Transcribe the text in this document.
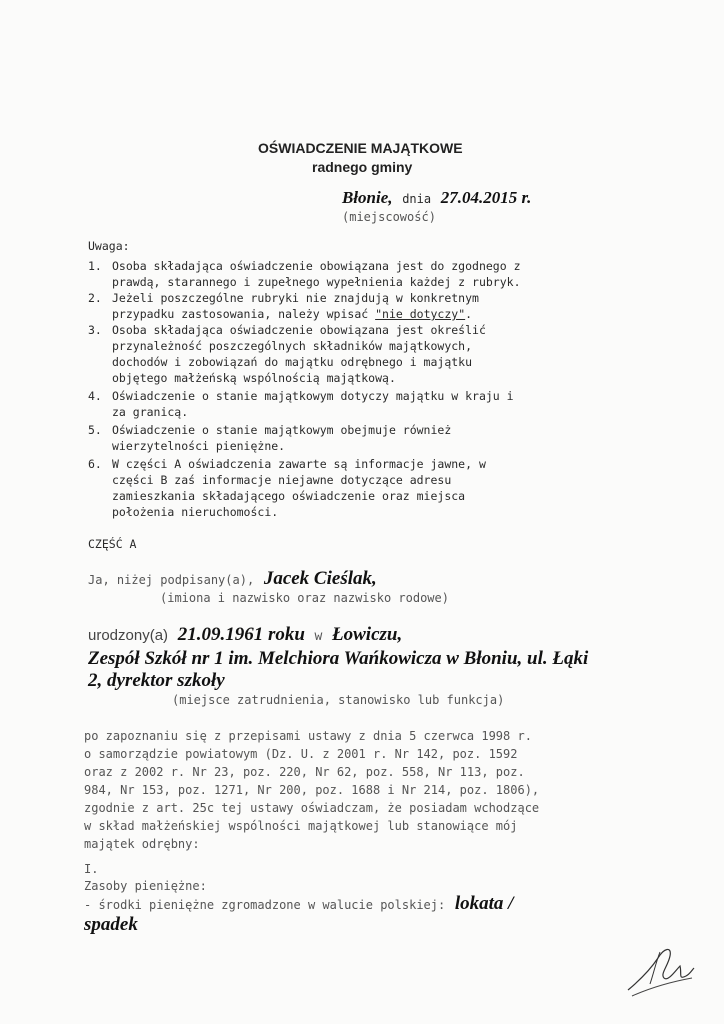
OŚWIADCZENIE MAJĄTKOWE
radnego gminy
Błonie, dnia 27.04.2015 r.
(miejscowość)
Uwaga:
1. Osoba składająca oświadczenie obowiązana jest do zgodnego z
prawdą, starannego i zupełnego wypełnienia każdej z rubryk.
2. Jeżeli poszczególne rubryki nie znajdują w konkretnym
przypadku zastosowania, należy wpisać "nie dotyczy".
3. Osoba składająca oświadczenie obowiązana jest określić
przynależność poszczególnych składników majątkowych,
dochodów i zobowiązań do majątku odrębnego i majątku
objętego małżeńską wspólnością majątkową.
4. Oświadczenie o stanie majątkowym dotyczy majątku w kraju i
za granicą.
5. Oświadczenie o stanie majątkowym obejmuje również
wierzytelności pieniężne.
6. W części A oświadczenia zawarte są informacje jawne, w
części B zaś informacje niejawne dotyczące adresu
zamieszkania składającego oświadczenie oraz miejsca
położenia nieruchomości.
CZĘŚĆ A
Ja, niżej podpisany(a), Jacek Cieślak,
(imiona i nazwisko oraz nazwisko rodowe)
urodzony(a) 21.09.1961 roku w Łowiczu,
Zespół Szkół nr 1 im. Melchiora Wańkowicza w Błoniu, ul. Łąki
2, dyrektor szkoły
(miejsce zatrudnienia, stanowisko lub funkcja)
po zapoznaniu się z przepisami ustawy z dnia 5 czerwca 1998 r.
o samorządzie powiatowym (Dz. U. z 2001 r. Nr 142, poz. 1592
oraz z 2002 r. Nr 23, poz. 220, Nr 62, poz. 558, Nr 113, poz.
984, Nr 153, poz. 1271, Nr 200, poz. 1688 i Nr 214, poz. 1806),
zgodnie z art. 25c tej ustawy oświadczam, że posiadam wchodzące
w skład małżeńskiej wspólności majątkowej lub stanowiące mój
majątek odrębny:
I.
Zasoby pieniężne:
- środki pieniężne zgromadzone w walucie polskiej: lokata /
spadek
